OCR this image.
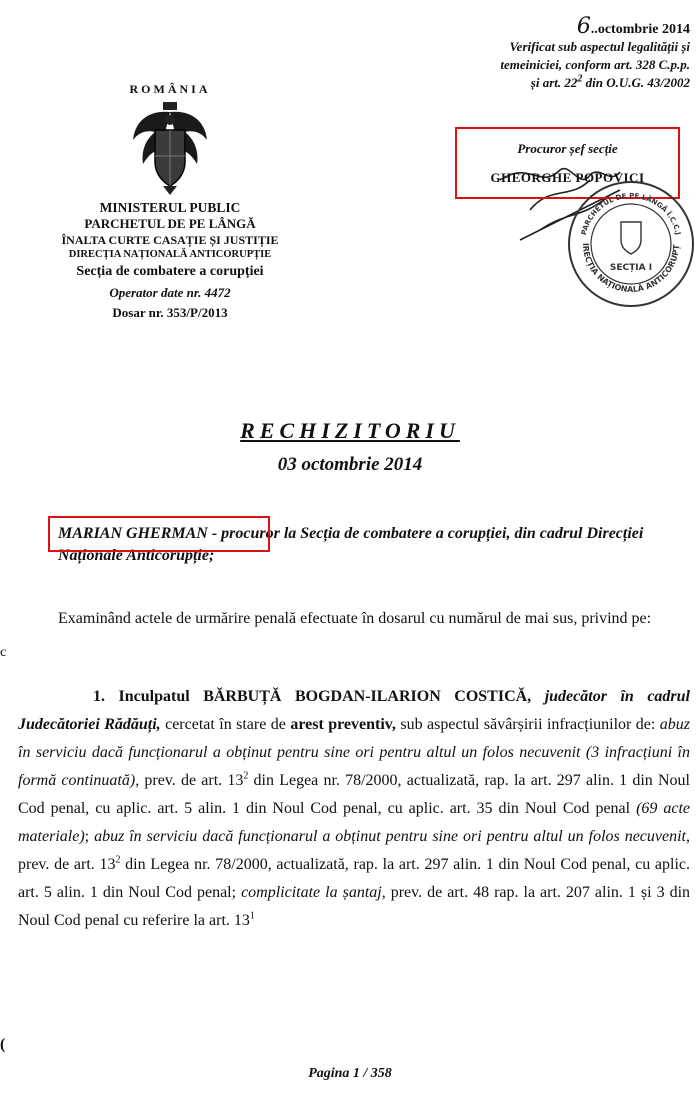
ROMÂNIA
MINISTERUL PUBLIC
PARCHETUL DE PE LÂNGĂ
ÎNALTA CURTE CASAȚIE ȘI JUSTIȚIE
DIRECȚIA NAȚIONALĂ ANTICORUPȚIE
Secția de combatere a corupției
Operator date nr. 4472
Dosar nr. 353/P/2013
6..octombrie 2014
Verificat sub aspectul legalității și
temeiniciei, conform art. 328 C.p.p.
și art. $22^2$ din O.U.G. 43/2002
Procuror șef secție
GHEORGHE POPOVICI
PARCHETUL DE PE LÂNGĂ Î.C.C.J
IRECȚIA NAȚIONALĂ ANTICORUPȚ
SECȚIA I
RECHIZITORIU
03 octombrie 2014
MARIAN GHERMAN - procuror la Secția de combatere a corupției, din cadrul Direcției Naționale Anticorupție;
Examinând actele de urmărire penală efectuate în dosarul cu numărul de mai sus, privind pe:
c
1. Inculpatul BĂRBUȚĂ BOGDAN-ILARION COSTICĂ, judecător în cadrul Judecătoriei Rădăuți, cercetat în stare de arest preventiv, sub aspectul săvârșirii infracțiunilor de: abuz în serviciu dacă funcționarul a obținut pentru sine ori pentru altul un folos necuvenit (3 infracțiuni în formă continuată), prev. de art. $13^2$ din Legea nr. 78/2000, actualizată, rap. la art. 297 alin. 1 din Noul Cod penal, cu aplic. art. 5 alin. 1 din Noul Cod penal, cu aplic. art. 35 din Noul Cod penal (69 acte materiale); abuz în serviciu dacă funcționarul a obținut pentru sine ori pentru altul un folos necuvenit, prev. de art. $13^2$ din Legea nr. 78/2000, actualizată, rap. la art. 297 alin. 1 din Noul Cod penal, cu aplic. art. 5 alin. 1 din Noul Cod penal; complicitate la șantaj, prev. de art. 48 rap. la art. 207 alin. 1 și 3 din Noul Cod penal cu referire la art. $13^1$
(
Pagina 1 / 358
